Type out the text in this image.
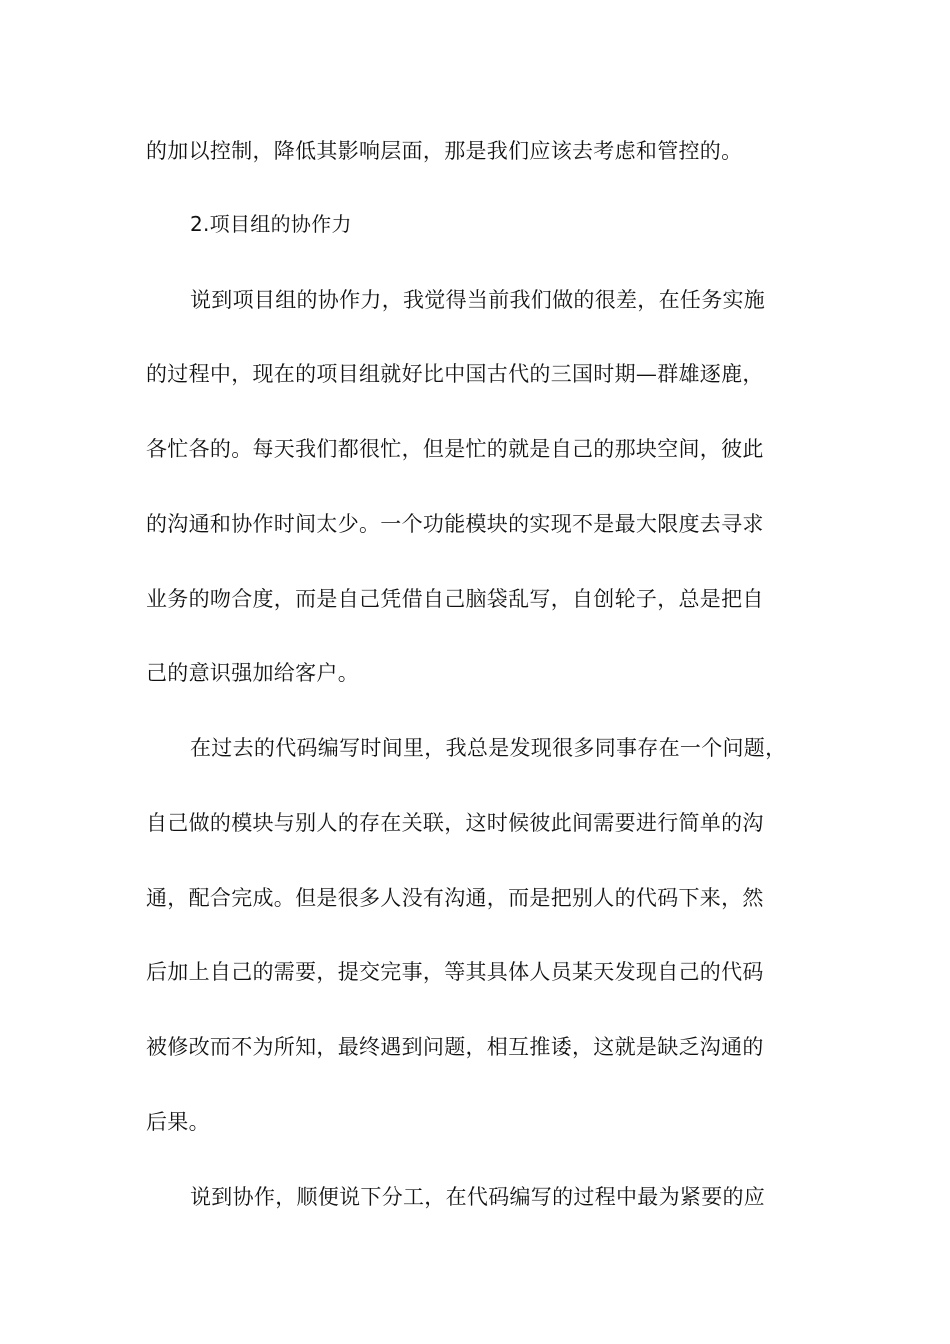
的加以控制，降低其影响层面，那是我们应该去考虑和管控的。
2.项目组的协作力
说到项目组的协作力，我觉得当前我们做的很差，在任务实施
的过程中，现在的项目组就好比中国古代的三国时期—群雄逐鹿，
各忙各的。每天我们都很忙，但是忙的就是自己的那块空间，彼此
的沟通和协作时间太少。一个功能模块的实现不是最大限度去寻求
业务的吻合度，而是自己凭借自己脑袋乱写，自创轮子，总是把自
己的意识强加给客户。
在过去的代码编写时间里，我总是发现很多同事存在一个问题，
自己做的模块与别人的存在关联，这时候彼此间需要进行简单的沟
通，配合完成。但是很多人没有沟通，而是把别人的代码下来，然
后加上自己的需要，提交完事，等其具体人员某天发现自己的代码
被修改而不为所知，最终遇到问题，相互推诿，这就是缺乏沟通的
后果。
说到协作，顺便说下分工，在代码编写的过程中最为紧要的应
